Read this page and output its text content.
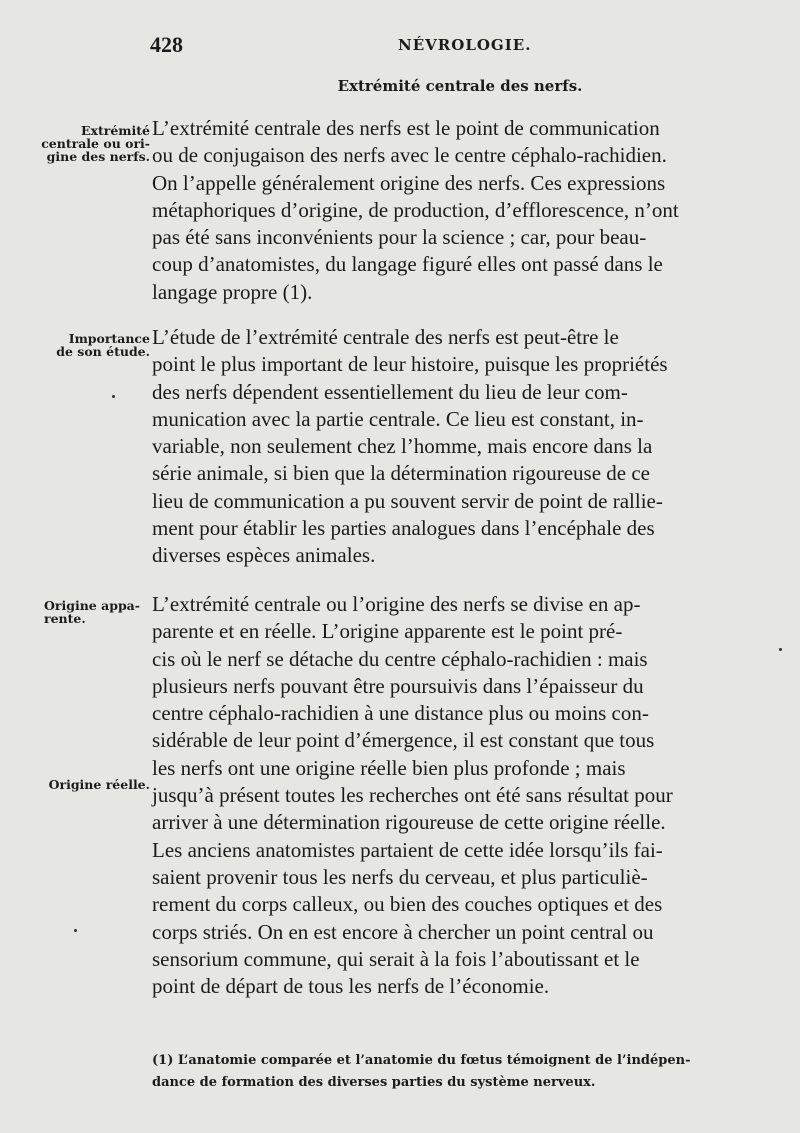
428	NÉVROLOGIE.
Extrémité centrale des nerfs.
Extrémité
centrale ou ori-
gine des nerfs.
Importance
de son étude.
Origine appa-
rente.
Origine réelle.

L’extrémité centrale des nerfs est le point de communication
ou de conjugaison des nerfs avec le centre céphalo-rachidien.
On l’appelle généralement origine des nerfs. Ces expressions
métaphoriques d’origine, de production, d’efflorescence, n’ont
pas été sans inconvénients pour la science ; car, pour beau-
coup d’anatomistes, du langage figuré elles ont passé dans le
langage propre (1).

L’étude de l’extrémité centrale des nerfs est peut-être le
point le plus important de leur histoire, puisque les propriétés
des nerfs dépendent essentiellement du lieu de leur com-
munication avec la partie centrale. Ce lieu est constant, in-
variable, non seulement chez l’homme, mais encore dans la
série animale, si bien que la détermination rigoureuse de ce
lieu de communication a pu souvent servir de point de rallie-
ment pour établir les parties analogues dans l’encéphale des
diverses espèces animales.

L’extrémité centrale ou l’origine des nerfs se divise en ap-
parente et en réelle. L’origine apparente est le point pré-
cis où le nerf se détache du centre céphalo-rachidien : mais
plusieurs nerfs pouvant être poursuivis dans l’épaisseur du
centre céphalo-rachidien à une distance plus ou moins con-
sidérable de leur point d’émergence, il est constant que tous
les nerfs ont une origine réelle bien plus profonde ; mais
jusqu’à présent toutes les recherches ont été sans résultat pour
arriver à une détermination rigoureuse de cette origine réelle.
Les anciens anatomistes partaient de cette idée lorsqu’ils fai-
saient provenir tous les nerfs du cerveau, et plus particuliè-
rement du corps calleux, ou bien des couches optiques et des
corps striés. On en est encore à chercher un point central ou
sensorium commune, qui serait à la fois l’aboutissant et le
point de départ de tous les nerfs de l’économie.

(1) L’anatomie comparée et l’anatomie du fœtus témoignent de l’indépen-
dance de formation des diverses parties du système nerveux.
